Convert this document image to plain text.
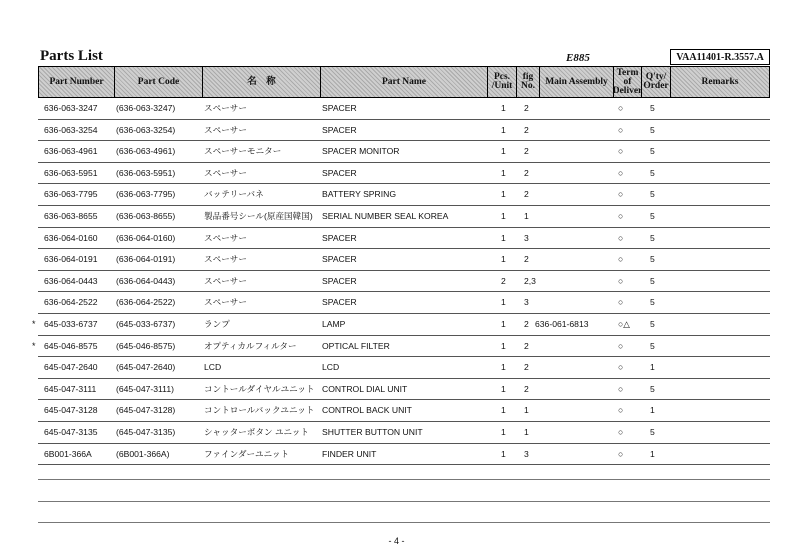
Parts List	E885	VAA11401-R.3557.A
Part Number	Part Code	名　称	Part Name	Pcs.
/Unit
fig
No. Main Assembly
Term
of
Deliver
Q'ty/
Order	Remarks
636-063-3247 (636-063-3247)	スペーサー	SPACER	1 2	○	5
636-063-3254 (636-063-3254)	スペーサー	SPACER	1 2	○	5
636-063-4961 (636-063-4961)	スペーサーモニター	SPACER MONITOR	1 2	○	5
636-063-5951 (636-063-5951)	スペーサー	SPACER	1 2	○	5
636-063-7795 (636-063-7795)	バッテリーバネ	BATTERY SPRING	1 2	○	5
636-063-8655 (636-063-8655)	製品番号シール(原産国韓国) SERIAL NUMBER SEAL KOREA	1 1	○	5
636-064-0160 (636-064-0160)	スペーサー	SPACER	1 3	○	5
636-064-0191 (636-064-0191)	スペーサー	SPACER	1 2	○	5
636-064-0443 (636-064-0443)	スペーサー	SPACER	2 2,3	○	5
636-064-2522 (636-064-2522)	スペーサー	SPACER	1 3	○	5
* 645-033-6737 (645-033-6737)	ランプ	LAMP	1 2 636-061-6813	○△ 5
* 645-046-8575 (645-046-8575)	オプティカルフィルター	OPTICAL FILTER	1 2	○	5
645-047-2640 (645-047-2640)	LCD	LCD	1 2	○	1
645-047-3111 (645-047-3111)	コントールダイヤルユニット CONTROL DIAL UNIT	1 2	○	5
645-047-3128 (645-047-3128)	コントロールバックユニット CONTROL BACK UNIT	1 1	○	1
645-047-3135 (645-047-3135)	シャッターボタン ユニット SHUTTER BUTTON UNIT	1 1	○	5
6B001-366A	(6B001-366A)	ファインダーユニット	FINDER UNIT	1 3	○	1
- 4 -
